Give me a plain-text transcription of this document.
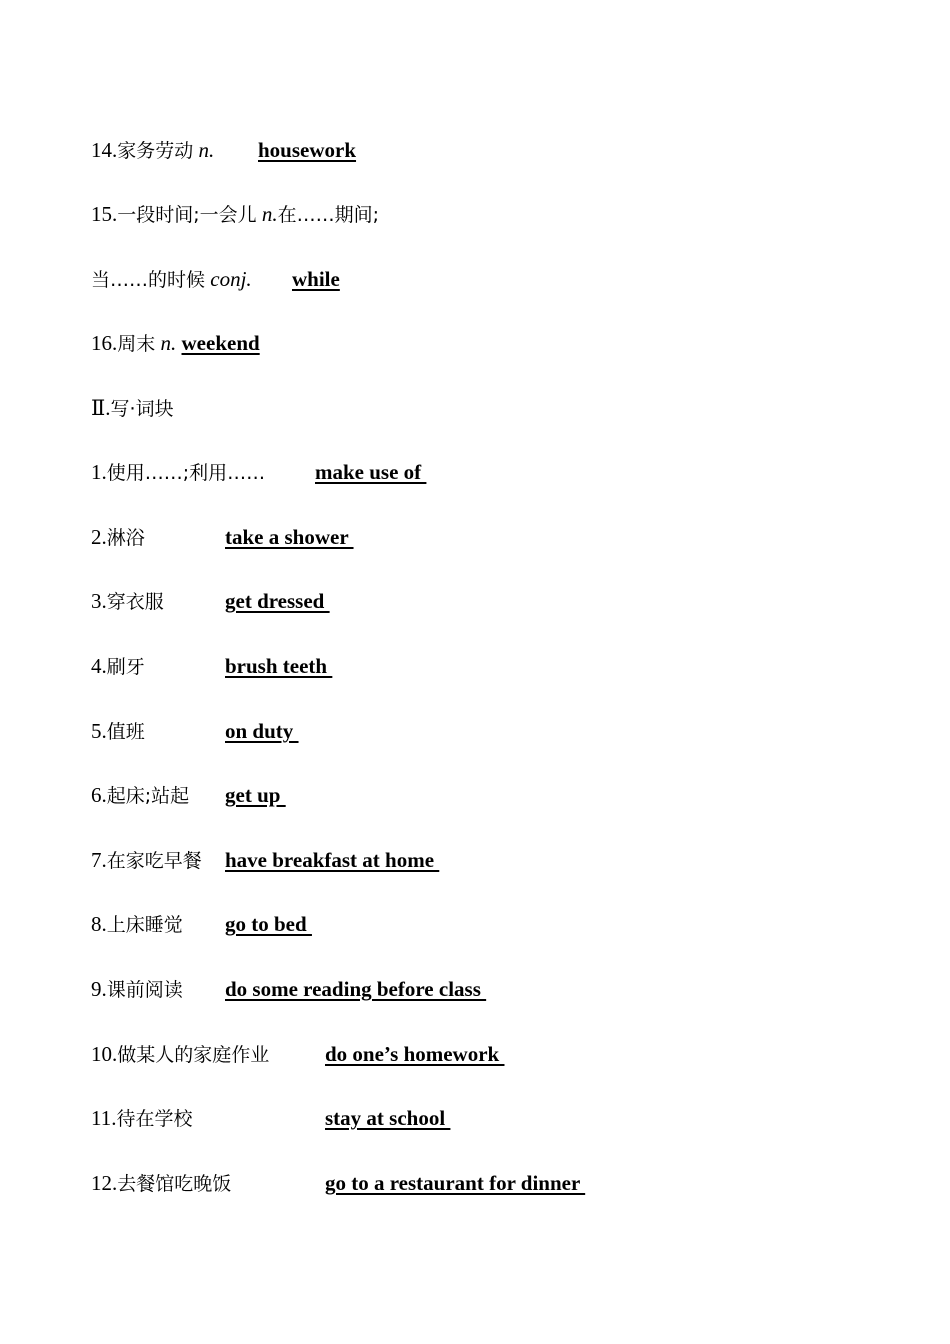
14.家务劳动 n. housework
15.一段时间;一会儿 n.在……期间;
当……的时候 conj. while
16.周末 n. weekend
Ⅱ.写·词块
1.使用……;利用…… make use of
2.淋浴	take a shower
3.穿衣服	get dressed
4.刷牙	brush teeth
5.值班	on duty
6.起床;站起 get up
7.在家吃早餐 have breakfast at home
8.上床睡觉 go to bed
9.课前阅读 do some reading before class
10.做某人的家庭作业	do one’s homework
11.待在学校	stay at school
12.去餐馆吃晚饭	go to a restaurant for dinner
